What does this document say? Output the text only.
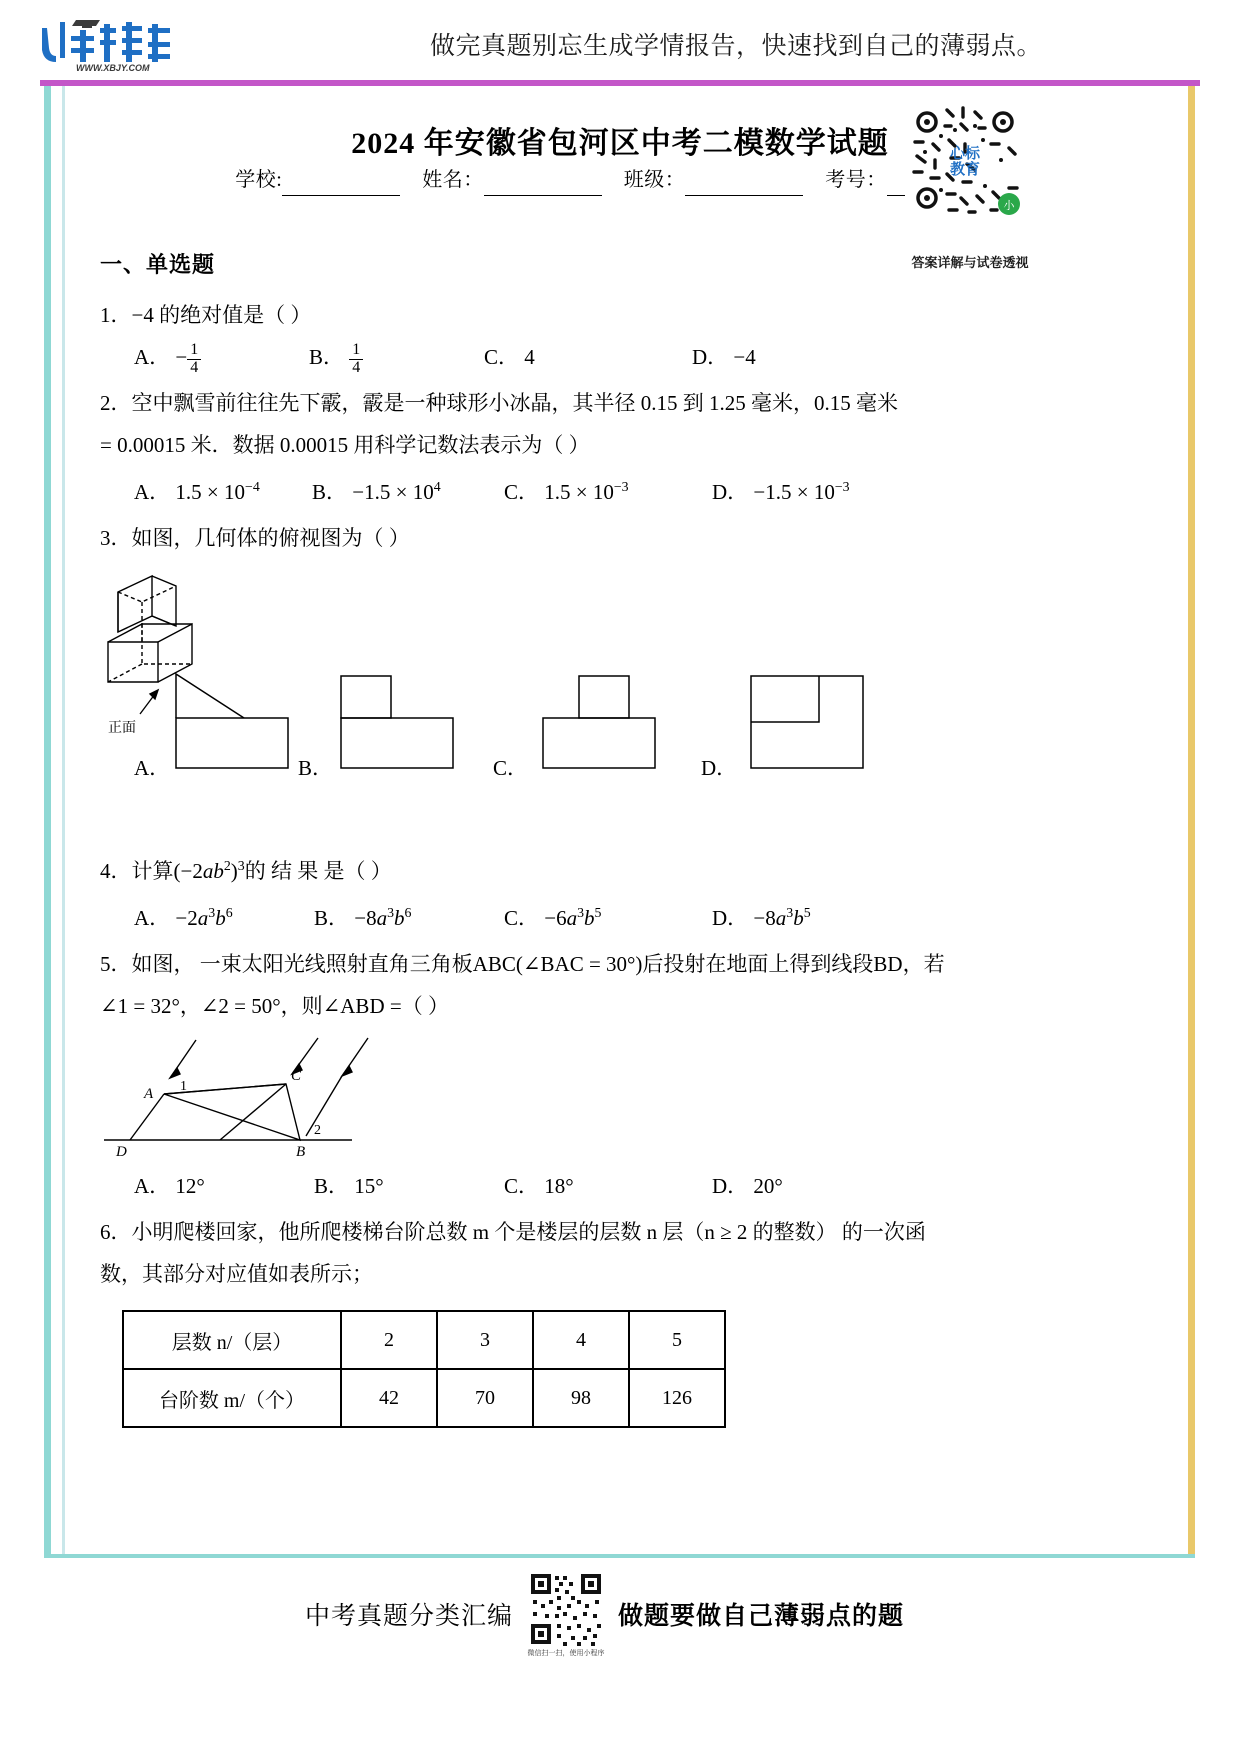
WWW.XBJY.COM
做完真题别忘生成学情报告，快速找到自己的薄弱点。
2024 年安徽省包河区中考二模数学试题
学校:	姓名：	班级：	考号：
心标
教育
小
答案详解与试卷透视
一、单选题
1．−4 的绝对值是（ ）
A． − $\frac{1}{4}$	B． $\frac{1}{4}$	C． 4	D． −4
2．空中飘雪前往往先下霰，霰是一种球形小冰晶，其半径 0.15 到 1.25 毫米，0.15 毫米
= 0.00015 米．数据 0.00015 用科学记数法表示为（ ）
A． $1.5 \times 10^{-4}$	B． $-1.5 \times 10^4$	C． $1.5 \times 10^{-3}$	D． $-1.5 \times 10^{-3}$
3．如图，几何体的俯视图为（ ）
正面
A．	B．	C．	D．
4．计算$(-2ab^2)^3$的 结 果 是（ ）
A． $-2a^3b^6$	B． $-8a^3b^6$	C． $-6a^3b^5$	D． $-8a^3b^5$
5．如图， 一束太阳光线照射直角三角板ABC(∠BAC = 30°)后投射在地面上得到线段BD，若
∠1 = 32°，∠2 = 50°，则∠ABD =（ ）
A
B
C
D
1
2
A． 12°	B． 15°	C． 18°	D． 20°
6．小明爬楼回家，他所爬楼梯台阶总数 m 个是楼层的层数 n 层（n ≥ 2 的整数） 的一次函
数，其部分对应值如表所示；
层数 n/（层）	2	3	4	5
台阶数 m/（个）	42	70	98	126
中考真题分类汇编
微信扫一扫，使用小程序
做题要做自己薄弱点的题
